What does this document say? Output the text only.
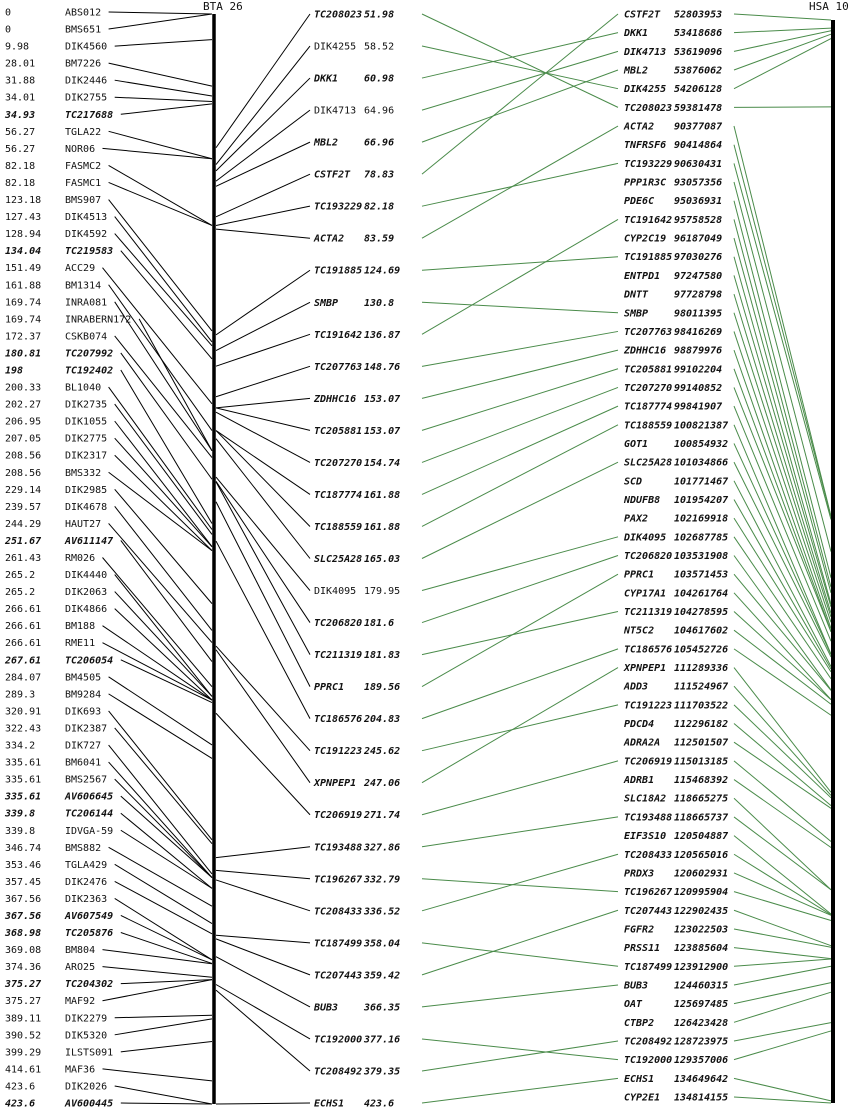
0	ABS012
0	BMS651
9.98	DIK4560
28.01	BM7226
31.88	DIK2446
34.01	DIK2755
34.93	TC217688
56.27	TGLA22
56.27	NOR06
82.18	FASMC2
82.18	FASMC1
123.18 BMS907
127.43 DIK4513
128.94 DIK4592
134.04 TC219583
151.49 ACC29
161.88 BM1314
169.74 INRA081
169.74 INRABERN172
172.37 CSKB074
180.81 TC207992
198	TC192402
200.33 BL1040
202.27 DIK2735
206.95 DIK1055
207.05 DIK2775
208.56 DIK2317
208.56 BMS332
229.14 DIK2985
239.57 DIK4678
244.29 HAUT27
251.67 AV611147
261.43 RM026
265.2	DIK4440
265.2	DIK2063
266.61 DIK4866
266.61 BM188
266.61 RME11
267.61 TC206054
284.07 BM4505
289.3	BM9284
320.91 DIK693
322.43 DIK2387
334.2	DIK727
335.61 BM6041
335.61 BMS2567
335.61 AV606645
339.8	TC206144
339.8	IDVGA-59
346.74 BMS882
353.46 TGLA429
357.45 DIK2476
367.56 DIK2363
367.56 AV607549
368.98 TC205876
369.08 BM804
374.36 ARO25
375.27 TC204302
375.27 MAF92
389.11 DIK2279
390.52 DIK5320
399.29 ILSTS091
414.61 MAF36
423.6	DIK2026
423.6	AV600445
TC208023 51.98
DIK4255 58.52
DKK1	60.98
DIK4713 64.96
MBL2	66.96
CSTF2T 78.83
TC193229 82.18
ACTA2 83.59
TC191885 124.69
SMBP	130.8
TC191642 136.87
TC207763 148.76
ZDHHC16 153.07
TC205881 153.07
TC207270 154.74
TC187774 161.88
TC188559 161.88
SLC25A28 165.03
DIK4095 179.95
TC206820 181.6
TC211319 181.83
PPRC1 189.56
TC186576 204.83
TC191223 245.62
XPNPEP1 247.06
TC206919 271.74
TC193488 327.86
TC196267 332.79
TC208433 336.52
TC187499 358.04
TC207443 359.42
BUB3	366.35
TC192000 377.16
TC208492 379.35
ECHS1 423.6
CSTF2T 52803953
DKK1	53418686
DIK4713 53619096
MBL2	53876062
DIK4255 54206128
TC208023 59381478
ACTA2 90377087
TNFRSF6 90414864
TC193229 90630431
PPP1R3C 93057356
PDE6C 95036931
TC191642 95758528
CYP2C19 96187049
TC191885 97030276
ENTPD1 97247580
DNTT	97728798
SMBP	98011395
TC207763 98416269
ZDHHC16 98879976
TC205881 99102204
TC207270 99140852
TC187774 99841907
TC188559 100821387
GOT1	100854932
SLC25A28 101034866
SCD	101771467
NDUFB8 101954207
PAX2	102169918
DIK4095 102687785
TC206820 103531908
PPRC1 103571453
CYP17A1 104261764
TC211319 104278595
NT5C2 104617602
TC186576 105452726
XPNPEP1 111289336
ADD3	111524967
TC191223 111703522
PDCD4 112296182
ADRA2A 112501507
TC206919 115013185
ADRB1 115468392
SLC18A2 118665275
TC193488 118665737
EIF3S10 120504887
TC208433 120565016
PRDX3 120602931
TC196267 120995904
TC207443 122902435
FGFR2 123022503
PRSS11 123885604
TC187499 123912900
BUB3	124460315
OAT	125697485
CTBP2 126423428
TC208492 128723975
TC192000 129357006
ECHS1 134649642
CYP2E1 134814155
BTA 26	HSA 10
